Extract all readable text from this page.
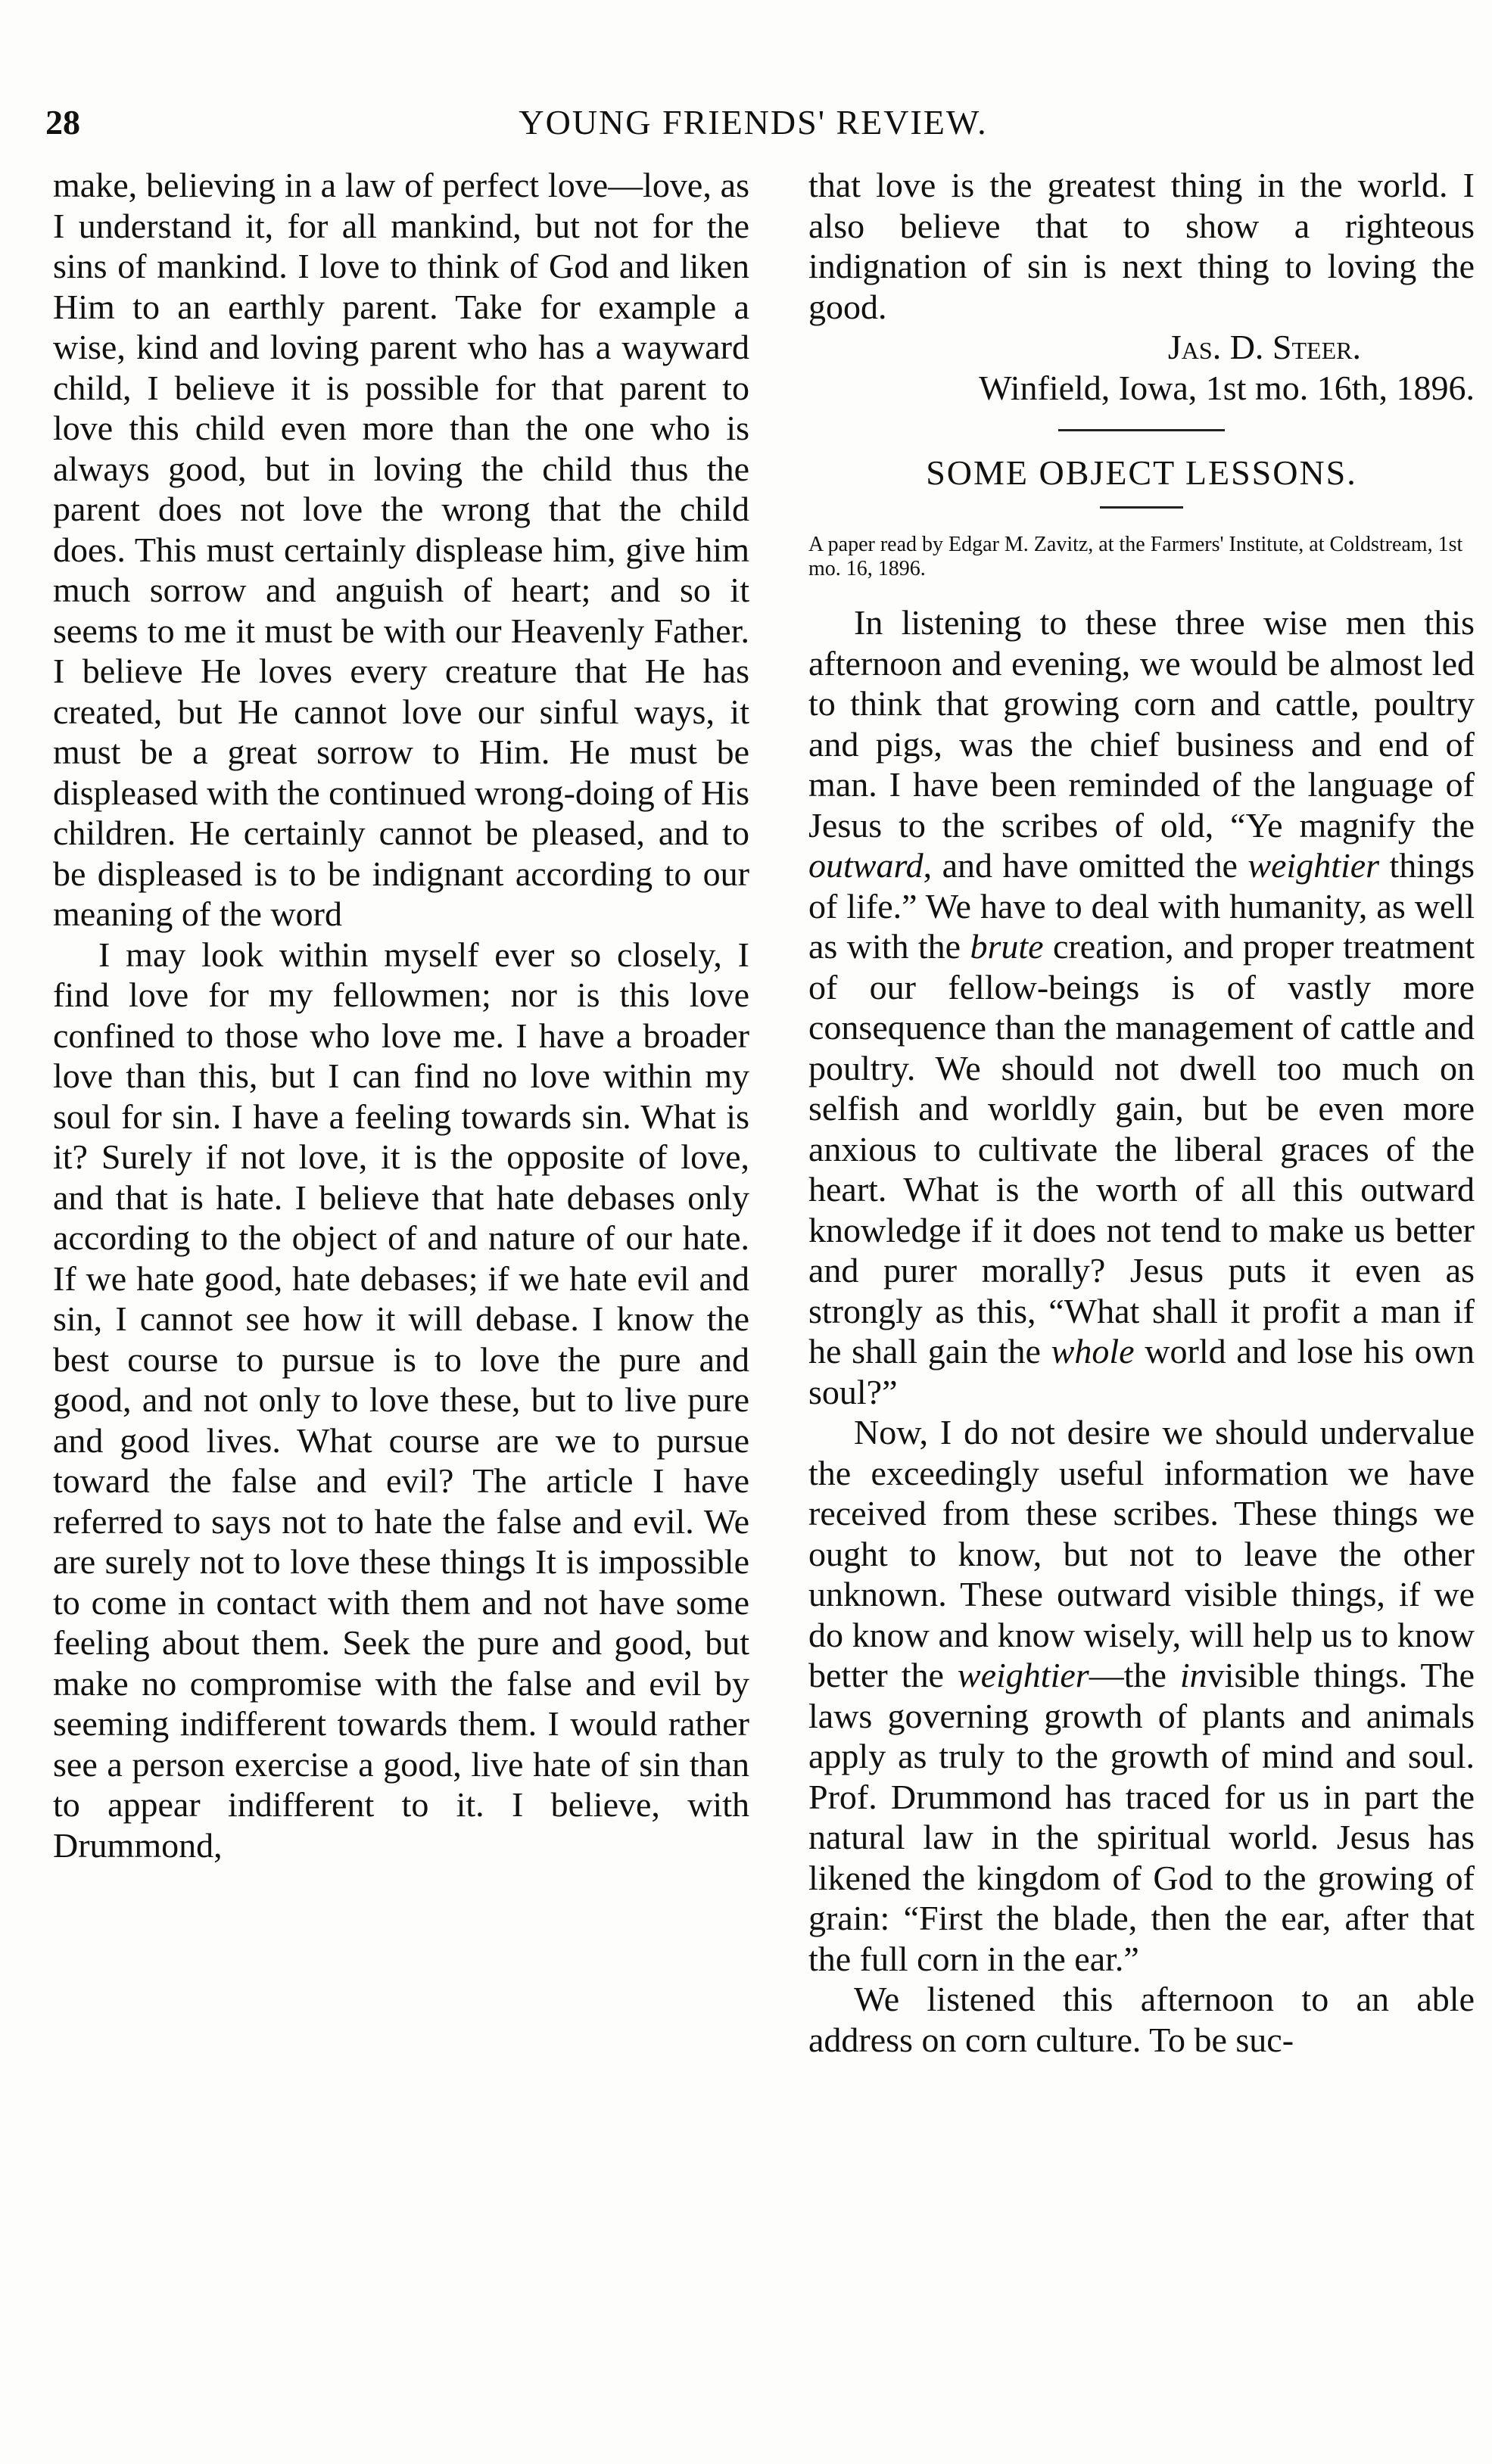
28	YOUNG FRIENDS' REVIEW.

make, believing in a law of perfect love—love, as I understand it, for all mankind, but not for the sins of mankind. I love to think of God and liken Him to an earthly parent. Take for example a wise, kind and loving parent who has a wayward child, I believe it is possible for that parent to love this child even more than the one who is always good, but in loving the child thus the parent does not love the wrong that the child does. This must certainly displease him, give him much sorrow and anguish of heart; and so it seems to me it must be with our Heavenly Father. I believe He loves every creature that He has created, but He cannot love our sinful ways, it must be a great sorrow to Him. He must be displeased with the continued wrong-doing of His children. He certainly cannot be pleased, and to be displeased is to be indignant according to our meaning of the word

I may look within myself ever so closely, I find love for my fellowmen; nor is this love confined to those who love me. I have a broader love than this, but I can find no love within my soul for sin. I have a feeling towards sin. What is it? Surely if not love, it is the opposite of love, and that is hate. I believe that hate debases only according to the object of and nature of our hate. If we hate good, hate debases; if we hate evil and sin, I cannot see how it will debase. I know the best course to pursue is to love the pure and good, and not only to love these, but to live pure and good lives. What course are we to pursue toward the false and evil? The article I have referred to says not to hate the false and evil. We are surely not to love these things It is impossible to come in contact with them and not have some feeling about them. Seek the pure and good, but make no compromise with the false and evil by seeming indifferent towards them. I would rather see a person exercise a good, live hate of sin than to appear indifferent to it. I believe, with Drummond,

that love is the greatest thing in the world. I also believe that to show a righteous indignation of sin is next thing to loving the good.

Jas. D. Steer.
Winfield, Iowa, 1st mo. 16th, 1896.
SOME OBJECT LESSONS.
A paper read by Edgar M. Zavitz, at the Farmers' Institute, at Coldstream, 1st mo. 16, 1896.

In listening to these three wise men this afternoon and evening, we would be almost led to think that growing corn and cattle, poultry and pigs, was the chief business and end of man. I have been reminded of the language of Jesus to the scribes of old, “Ye magnify the outward, and have omitted the weightier things of life.” We have to deal with humanity, as well as with the brute creation, and proper treatment of our fellow-beings is of vastly more consequence than the management of cattle and poultry. We should not dwell too much on selfish and worldly gain, but be even more anxious to cultivate the liberal graces of the heart. What is the worth of all this outward knowledge if it does not tend to make us better and purer morally? Jesus puts it even as strongly as this, “What shall it profit a man if he shall gain the whole world and lose his own soul?”

Now, I do not desire we should undervalue the exceedingly useful information we have received from these scribes. These things we ought to know, but not to leave the other unknown. These outward visible things, if we do know and know wisely, will help us to know better the weightier—the invisible things. The laws governing growth of plants and animals apply as truly to the growth of mind and soul. Prof. Drummond has traced for us in part the natural law in the spiritual world. Jesus has likened the kingdom of God to the growing of grain: “First the blade, then the ear, after that the full corn in the ear.”

We listened this afternoon to an able address on corn culture. To be suc-
